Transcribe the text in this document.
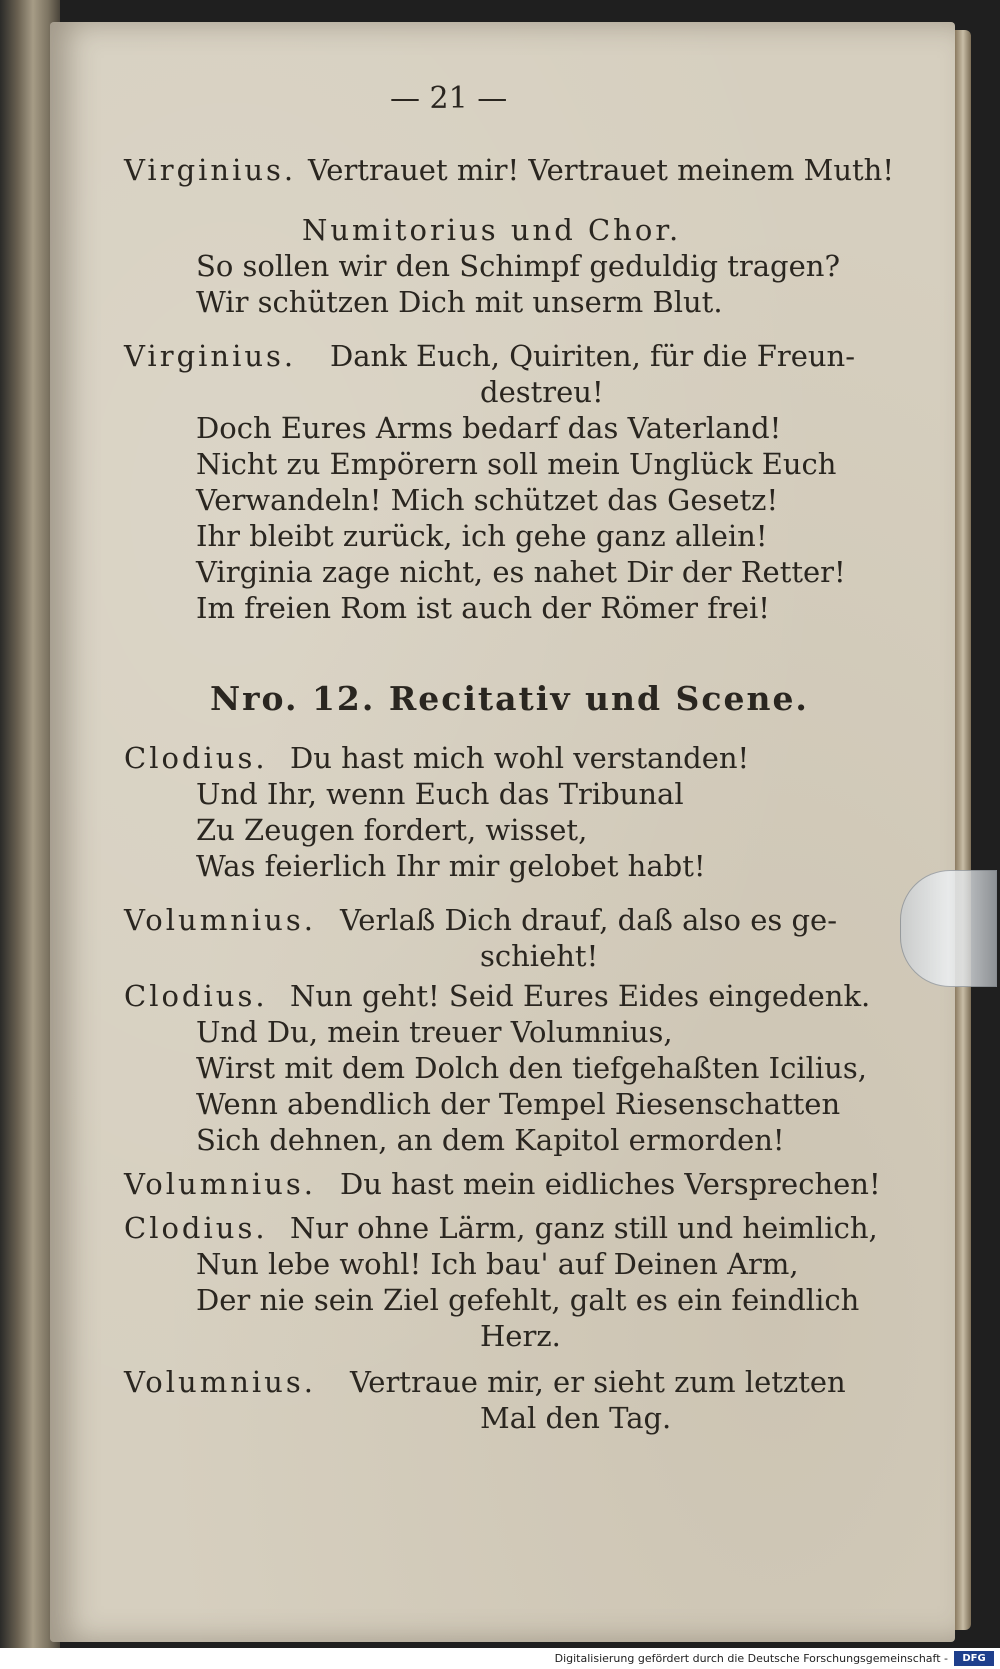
— 21 —
Virginius. Vertrauet mir! Vertrauet meinem Muth!
Numitorius und Chor.
So sollen wir den Schimpf geduldig tragen?
Wir schützen Dich mit unserm Blut.
Virginius. Dank Euch, Quiriten, für die Freun-
destreu!
Doch Eures Arms bedarf das Vaterland!
Nicht zu Empörern soll mein Unglück Euch
Verwandeln! Mich schützet das Gesetz!
Ihr bleibt zurück, ich gehe ganz allein!
Virginia zage nicht, es nahet Dir der Retter!
Im freien Rom ist auch der Römer frei!
Nro. 12. Recitativ und Scene.
Clodius. Du hast mich wohl verstanden!
Und Ihr, wenn Euch das Tribunal
Zu Zeugen fordert, wisset,
Was feierlich Ihr mir gelobet habt!
Volumnius. Verlaß Dich drauf, daß also es ge-
schieht!
Clodius. Nun geht! Seid Eures Eides eingedenk.
Und Du, mein treuer Volumnius,
Wirst mit dem Dolch den tiefgehaßten Icilius,
Wenn abendlich der Tempel Riesenschatten
Sich dehnen, an dem Kapitol ermorden!
Volumnius. Du hast mein eidliches Versprechen!
Clodius. Nur ohne Lärm, ganz still und heimlich,
Nun lebe wohl! Ich bau' auf Deinen Arm,
Der nie sein Ziel gefehlt, galt es ein feindlich
Herz.
Volumnius. Vertraue mir, er sieht zum letzten
Mal den Tag.
Digitalisierung gefördert durch die Deutsche Forschungsgemeinschaft -	DFG
